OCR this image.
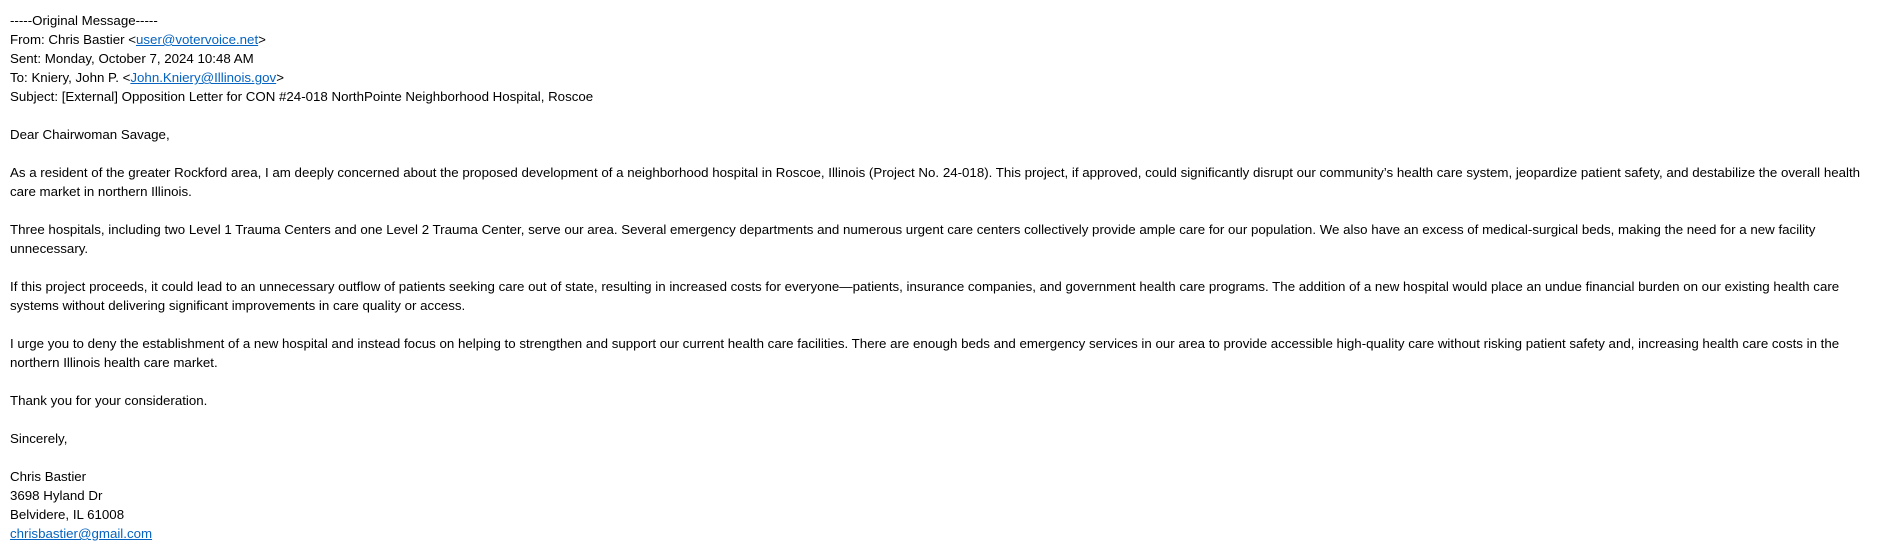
-----Original Message-----
From: Chris Bastier <user@votervoice.net>
Sent: Monday, October 7, 2024 10:48 AM
To: Kniery, John P. <John.Kniery@Illinois.gov>
Subject: [External] Opposition Letter for CON #24-018 NorthPointe Neighborhood Hospital, Roscoe
Dear Chairwoman Savage,

As a resident of the greater Rockford area, I am deeply concerned about the proposed development of a neighborhood hospital in Roscoe, Illinois (Project No. 24-018). This project, if approved, could significantly disrupt our community’s health care system, jeopardize patient safety, and destabilize the overall health care market in northern Illinois.

Three hospitals, including two Level 1 Trauma Centers and one Level 2 Trauma Center, serve our area. Several emergency departments and numerous urgent care centers collectively provide ample care for our population. We also have an excess of medical-surgical beds, making the need for a new facility unnecessary.

If this project proceeds, it could lead to an unnecessary outflow of patients seeking care out of state, resulting in increased costs for everyone—patients, insurance companies, and government health care programs. The addition of a new hospital would place an undue financial burden on our existing health care systems without delivering significant improvements in care quality or access.

I urge you to deny the establishment of a new hospital and instead focus on helping to strengthen and support our current health care facilities. There are enough beds and emergency services in our area to provide accessible high-quality care without risking patient safety and, increasing health care costs in the northern Illinois health care market.

Thank you for your consideration.
Sincerely,
Chris Bastier
3698 Hyland Dr
Belvidere, IL 61008
chrisbastier@gmail.com
